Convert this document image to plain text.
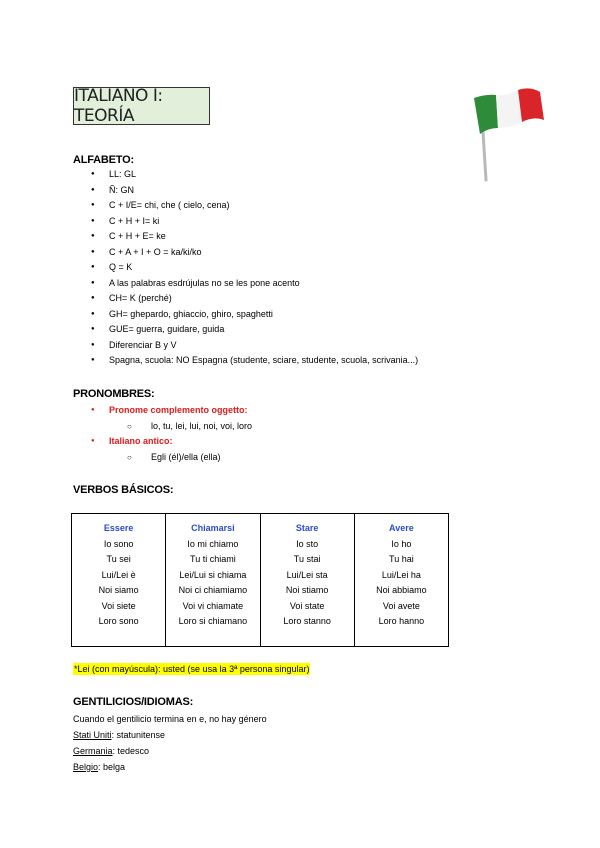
ITALIANO I: TEORÍA
ALFABETO:
● LL: GL
● Ñ: GN
● C + I/E= chi, che ( cielo, cena)
● C + H + I= ki
● C + H + E= ke
● C + A + I + O = ka/ki/ko
● Q = K
● A las palabras esdrújulas no se les pone acento
● CH= K (perché)
● GH= ghepardo, ghiaccio, ghiro, spaghetti
● GUE= guerra, guidare, guida
● Diferenciar B y V
● Spagna, scuola: NO Espagna (studente, sciare, studente, scuola, scrivania...)
PRONOMBRES:
● Pronome complemento oggetto:
○ lo, tu, lei, lui, noi, voi, loro
● Italiano antico:
○ Egli (él)/ella (ella)
VERBOS BÁSICOS:
Essere
Io sono
Tu sei
Lui/Lei è
Noi siamo
Voi siete
Loro sono
Chiamarsi
Io mi chiamo
Tu ti chiami
Lei/Lui si chiama
Noi ci chiamiamo
Voi vi chiamate
Loro si chiamano
Stare
Io sto
Tu stai
Lui/Lei sta
Noi stiamo
Voi state
Loro stanno
Avere
Io ho
Tu hai
Lui/Lei ha
Noi abbiamo
Voi avete
Loro hanno
*Lei (con mayúscula): usted (se usa la 3ª persona singular)
GENTILICIOS/IDIOMAS:
Cuando el gentilicio termina en e, no hay género
Stati Uniti: statunitense
Germania: tedesco
Belgio: belga
